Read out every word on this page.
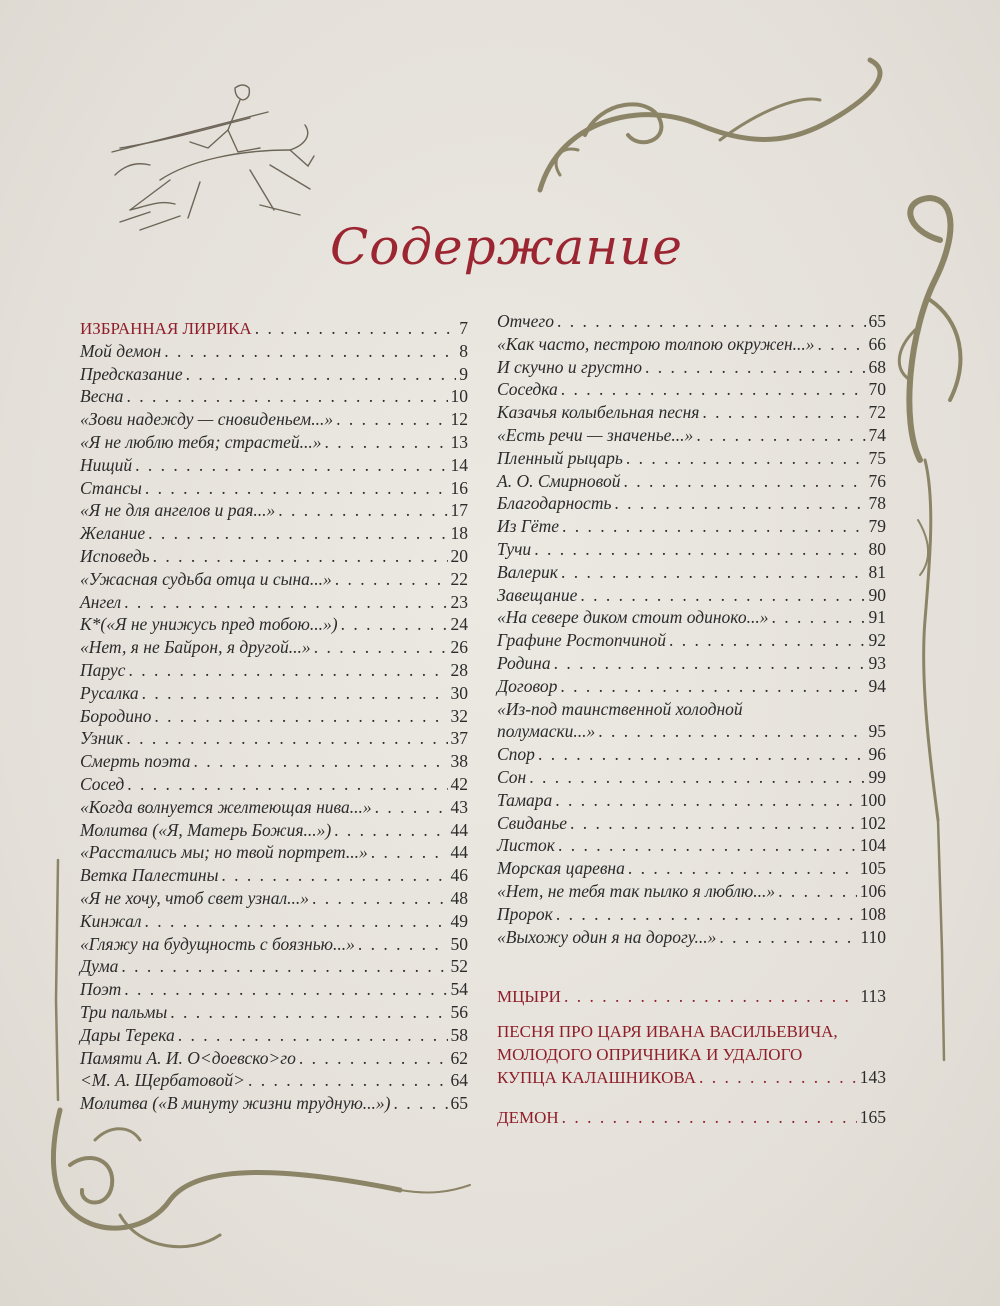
Содержание
ИЗБРАННАЯ ЛИРИКА . . .	7
Мой демон . . .	8
Предсказание . . .	9
Весна . . .	10
«Зови надежду — сновиденьем...» . . .	12
«Я не люблю тебя; страстей...» . . .	13
Нищий . . .	14
Стансы . . .	16
«Я не для ангелов и рая...» . . .	17
Желание . . .	18
Исповедь . . .	20
«Ужасная судьба отца и сына...» . . .	22
Ангел . . .	23
К*(«Я не унижусь пред тобою...») . . .	24
«Нет, я не Байрон, я другой...» . . .	26
Парус . . .	28
Русалка . . .	30
Бородино . . .	32
Узник . . .	37
Смерть поэта . . .	38
Сосед . . .	42
«Когда волнуется желтеющая нива...» . . .	43
Молитва («Я, Матерь Божия...») . . .	44
«Расстались мы; но твой портрет...» . . .	44
Ветка Палестины . . .	46
«Я не хочу, чтоб свет узнал...» . . .	48
Кинжал . . .	49
«Гляжу на будущность с боязнью...» . . .	50
Дума . . .	52
Поэт . . .	54
Три пальмы . . .	56
Дары Терека . . .	58
Памяти А. И. О<доевско>го . . .	62
<М. А. Щербатовой> . . .	64
Молитва («В минуту жизни трудную...») . . .	65
Отчего . . .	65
«Как часто, пестрою толпою окружен...» . . .	66
И скучно и грустно . . .	68
Соседка . . .	70
Казачья колыбельная песня . . .	72
«Есть речи — значенье...» . . .	74
Пленный рыцарь . . .	75
А. О. Смирновой . . .	76
Благодарность . . .	78
Из Гёте . . .	79
Тучи . . .	80
Валерик . . .	81
Завещание . . .	90
«На севере диком стоит одиноко...» . . .	91
Графине Ростопчиной . . .	92
Родина . . .	93
Договор . . .	94
«Из-под таинственной холодной
полумаски...» . . .	95
Спор . . .	96
Сон . . .	99
Тамара . . .	100
Свиданье . . .	102
Листок . . .	104
Морская царевна . . .	105
«Нет, не тебя так пылко я люблю...» . . .	106
Пророк . . .	108
«Выхожу один я на дорогу...» . . .	110
МЦЫРИ . . .	113
ПЕСНЯ ПРО ЦАРЯ ИВАНА ВАСИЛЬЕВИЧА,
МОЛОДОГО ОПРИЧНИКА И УДАЛОГО
КУПЦА КАЛАШНИКОВА . . .	143
ДЕМОН . . .	165
